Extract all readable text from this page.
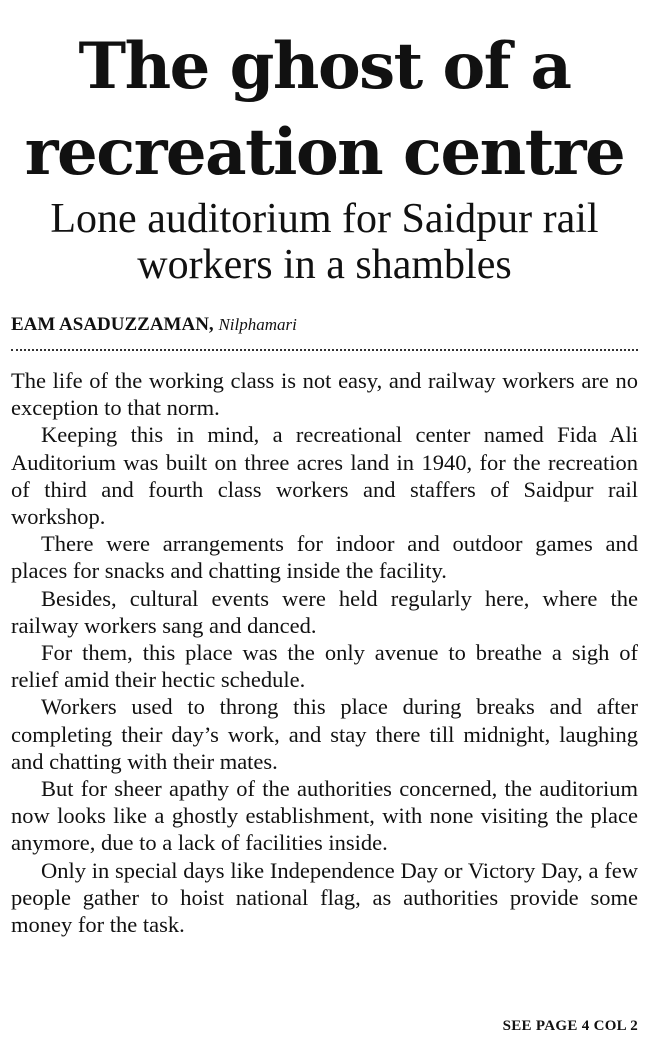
The ghost of a recreation centre
Lone auditorium for Saidpur rail workers in a shambles
EAM ASADUZZAMAN, Nilphamari

The life of the working class is not easy, and railway workers are no exception to that norm.

Keeping this in mind, a recreational center named Fida Ali Auditorium was built on three acres land in 1940, for the recreation of third and fourth class workers and staffers of Saidpur rail workshop.

There were arrangements for indoor and outdoor games and places for snacks and chatting inside the facility.

Besides, cultural events were held regularly here, where the railway workers sang and danced.

For them, this place was the only avenue to breathe a sigh of relief amid their hectic schedule.

Workers used to throng this place during breaks and after completing their day’s work, and stay there till midnight, laughing and chatting with their mates.

But for sheer apathy of the authorities concerned, the auditorium now looks like a ghostly establishment, with none visiting the place anymore, due to a lack of facilities inside.

Only in special days like Independence Day or Victory Day, a few people gather to hoist national flag, as authorities provide some money for the task.

SEE PAGE 4 COL 2
